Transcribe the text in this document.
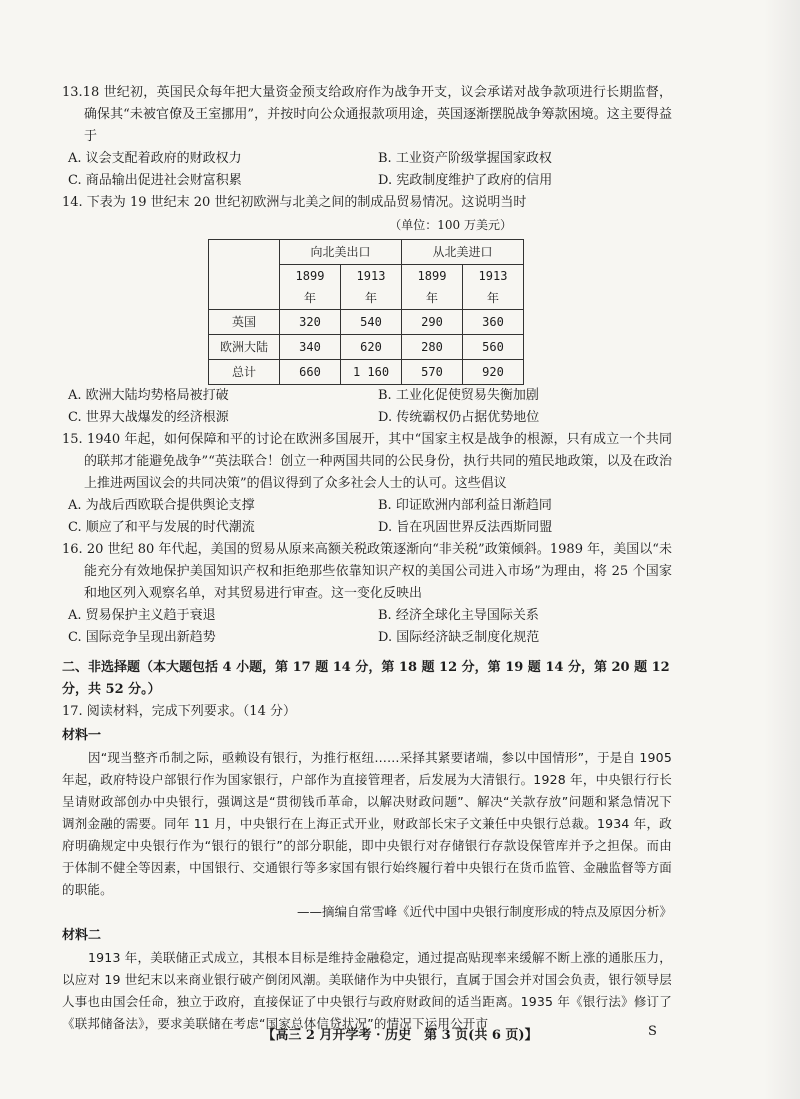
13.18 世纪初，英国民众每年把大量资金预支给政府作为战争开支，议会承诺对战争款项进行长期监督，确保其“未被官僚及王室挪用”，并按时向公众通报款项用途，英国逐渐摆脱战争筹款困境。这主要得益于
A. 议会支配着政府的财政权力	B. 工业资产阶级掌握国家政权
C. 商品输出促进社会财富积累	D. 宪政制度维护了政府的信用
14. 下表为 19 世纪末 20 世纪初欧洲与北美之间的制成品贸易情况。这说明当时
（单位：100 万美元）
	向北美出口		从北美进口	
	1899 年	1913 年	1899 年	1913 年
英国	320	540	290	360
欧洲大陆	340	620	280	560
总计	660	1 160	570	920
A. 欧洲大陆均势格局被打破	B. 工业化促使贸易失衡加剧
C. 世界大战爆发的经济根源	D. 传统霸权仍占据优势地位
15. 1940 年起，如何保障和平的讨论在欧洲多国展开，其中“国家主权是战争的根源，只有成立一个共同的联邦才能避免战争”“英法联合！创立一种两国共同的公民身份，执行共同的殖民地政策，以及在政治上推进两国议会的共同决策”的倡议得到了众多社会人士的认可。这些倡议
A. 为战后西欧联合提供舆论支撑	B. 印证欧洲内部利益日渐趋同
C. 顺应了和平与发展的时代潮流	D. 旨在巩固世界反法西斯同盟
16. 20 世纪 80 年代起，美国的贸易从原来高额关税政策逐渐向“非关税”政策倾斜。1989 年，美国以“未能充分有效地保护美国知识产权和拒绝那些依靠知识产权的美国公司进入市场”为理由，将 25 个国家和地区列入观察名单，对其贸易进行审查。这一变化反映出
A. 贸易保护主义趋于衰退	B. 经济全球化主导国际关系
C. 国际竞争呈现出新趋势	D. 国际经济缺乏制度化规范
二、非选择题（本大题包括 4 小题，第 17 题 14 分，第 18 题 12 分，第 19 题 14 分，第 20 题 12 分，共 52 分。）
17. 阅读材料，完成下列要求。（14 分）
材料一
因“现当整齐币制之际，亟赖设有银行，为推行枢纽……采择其紧要诸端，参以中国情形”，于是自 1905 年起，政府特设户部银行作为国家银行，户部作为直接管理者，后发展为大清银行。1928 年，中央银行行长呈请财政部创办中央银行，强调这是“贯彻钱币革命，以解决财政问题”、解决“关款存放”问题和紧急情况下调剂金融的需要。同年 11 月，中央银行在上海正式开业，财政部长宋子文兼任中央银行总裁。1934 年，政府明确规定中央银行作为“银行的银行”的部分职能，即中央银行对存储银行存款设保管库并予之担保。而由于体制不健全等因素，中国银行、交通银行等多家国有银行始终履行着中央银行在货币监管、金融监督等方面的职能。
——摘编自常雪峰《近代中国中央银行制度形成的特点及原因分析》
材料二
1913 年，美联储正式成立，其根本目标是维持金融稳定，通过提高贴现率来缓解不断上涨的通胀压力，以应对 19 世纪末以来商业银行破产倒闭风潮。美联储作为中央银行，直属于国会并对国会负责，银行领导层人事也由国会任命，独立于政府，直接保证了中央银行与政府财政间的适当距离。1935 年《银行法》修订了《联邦储备法》，要求美联储在考虑“国家总体信贷状况”的情况下运用公开市
【高三 2 月开学考 · 历史　第 3 页(共 6 页)】	S
